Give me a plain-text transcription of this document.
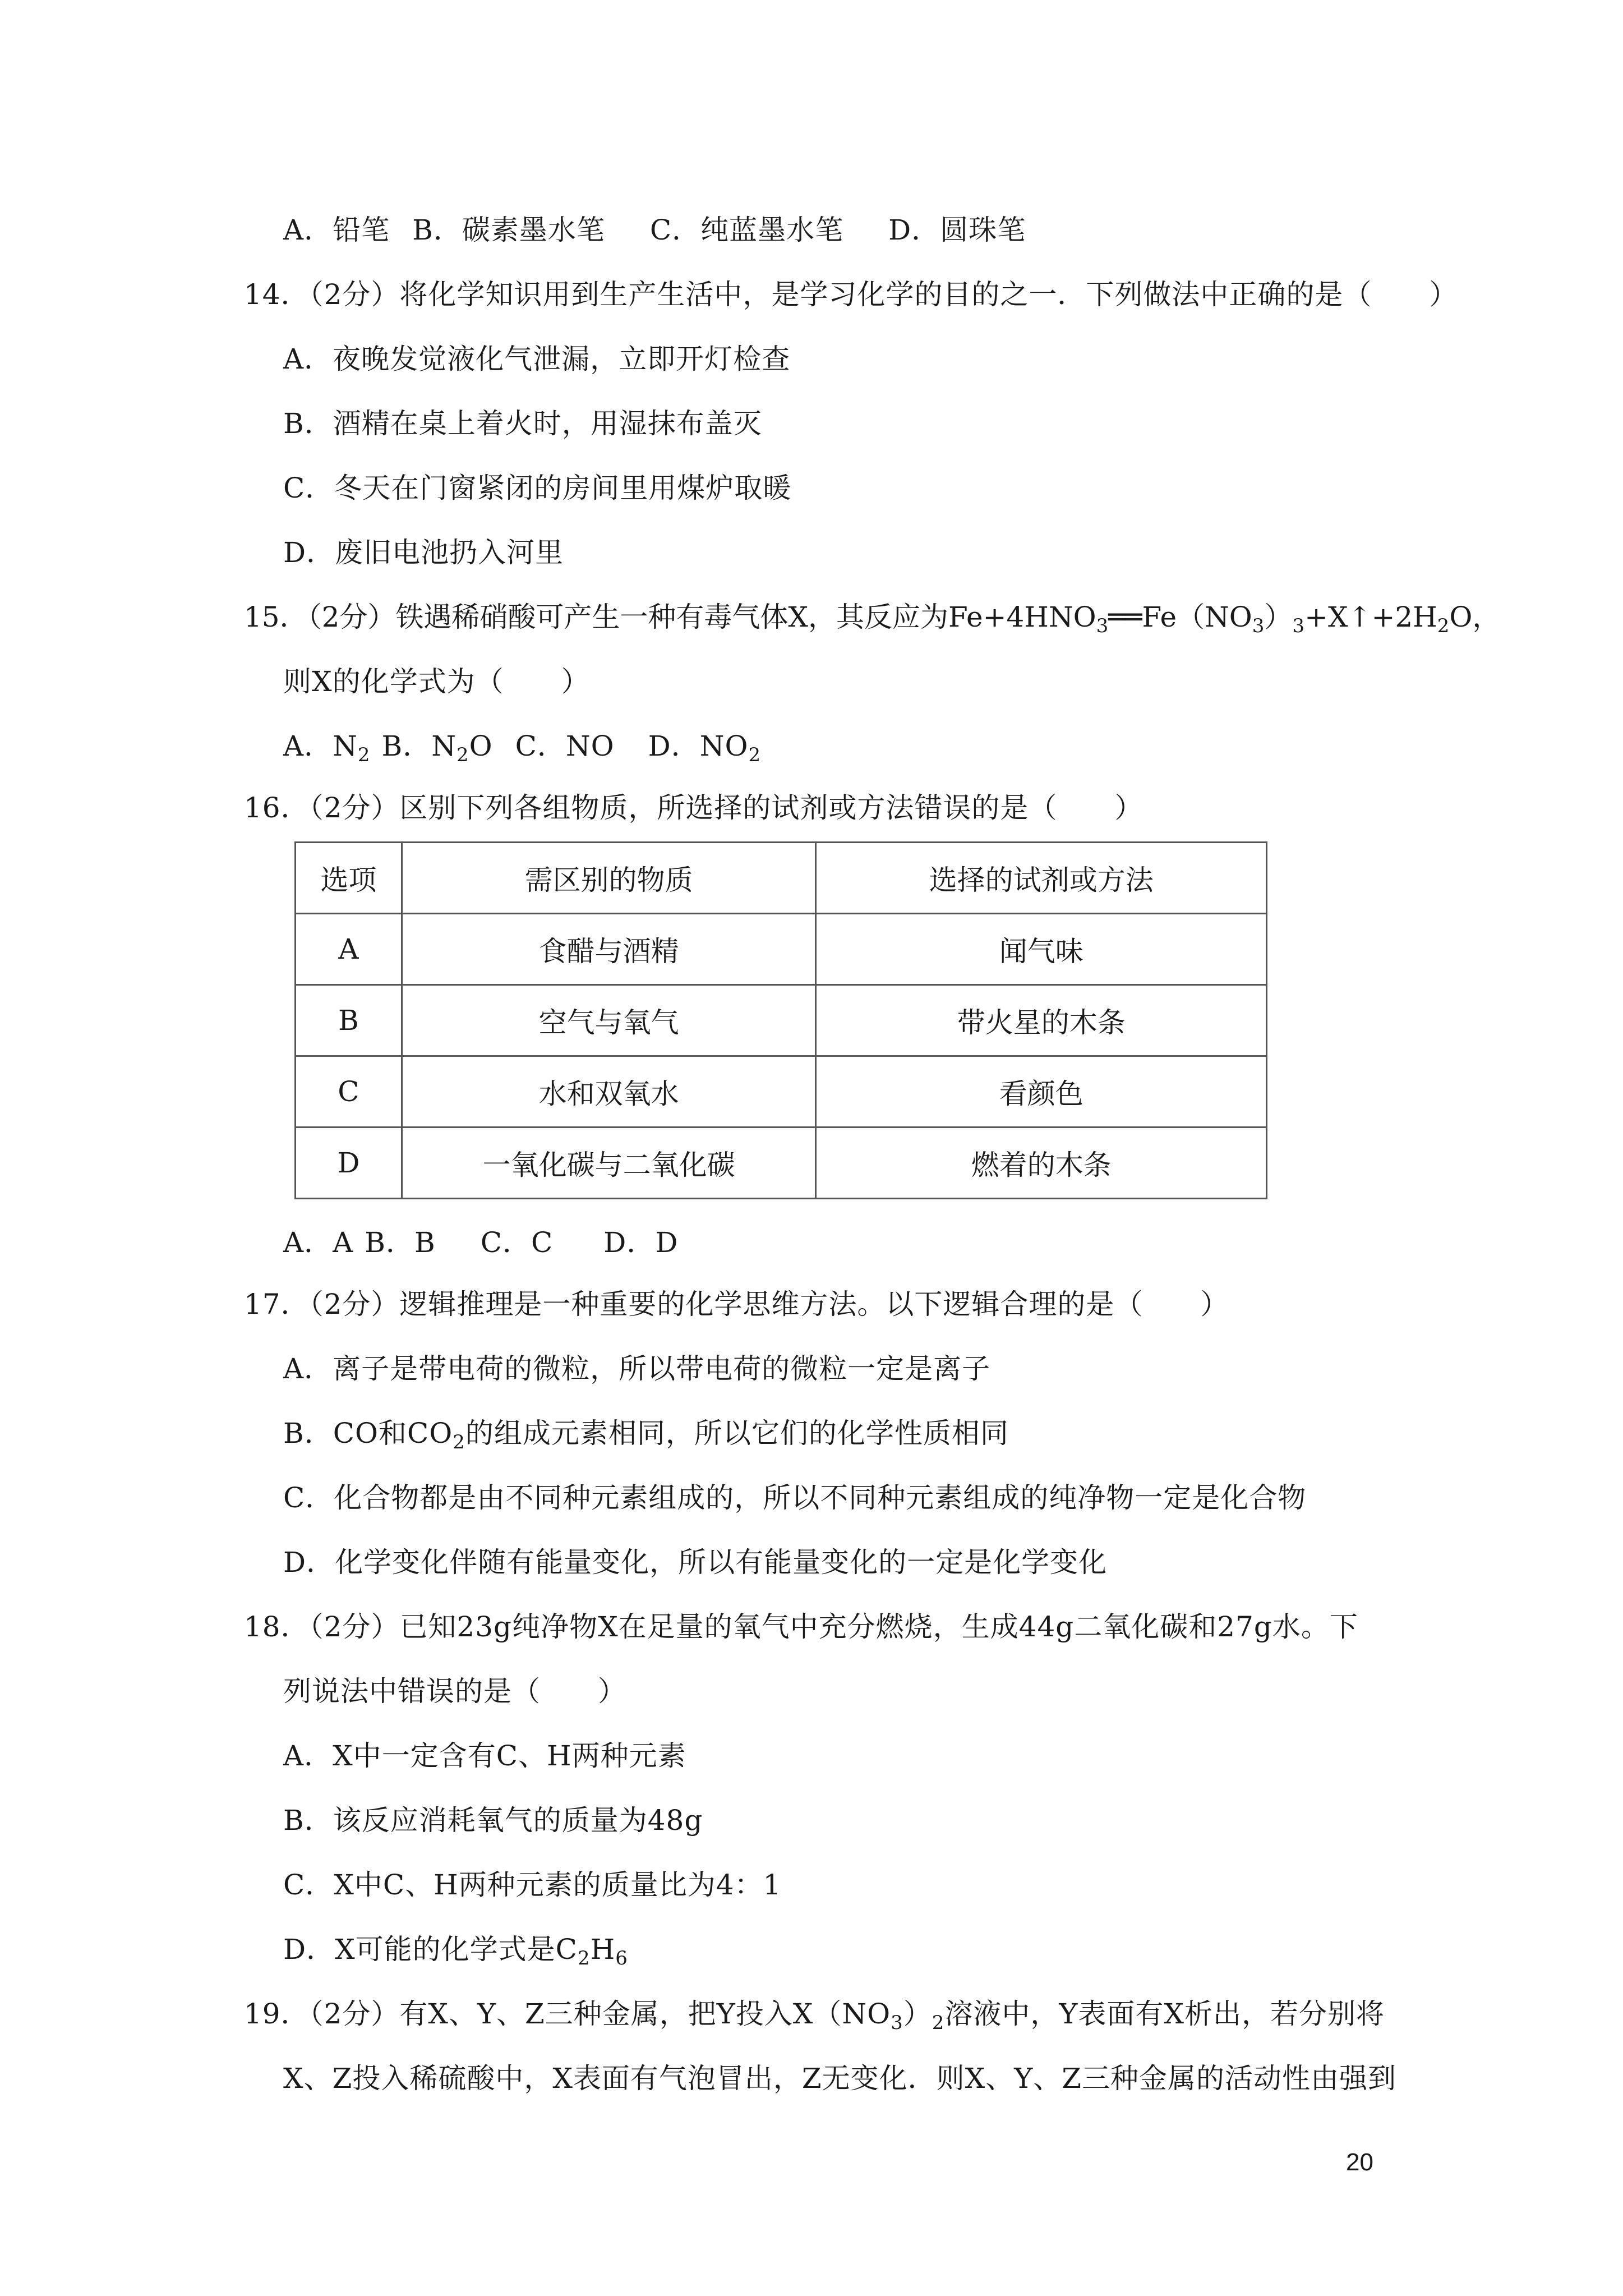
A．铅笔 B．碳素墨水笔 C．纯蓝墨水笔 D．圆珠笔
14．（2分）将化学知识用到生产生活中，是学习化学的目的之一．下列做法中正确的是（　　）
A．夜晚发觉液化气泄漏，立即开灯检查
B．酒精在桌上着火时，用湿抹布盖灭
C．冬天在门窗紧闭的房间里用煤炉取暖
D．废旧电池扔入河里
15．（2分）铁遇稀硝酸可产生一种有毒气体X，其反应为$Fe+4HNO_3══Fe(NO_3)_3+X↑+2H_2O$，
则X的化学式为（　　）
A．$N_2$ B．$N_2O$ C．NO D．$NO_2$
16．（2分）区别下列各组物质，所选择的试剂或方法错误的是（　　）
选项	需区别的物质	选择的试剂或方法
A	食醋与酒精	闻气味
B	空气与氧气	带火星的木条
C	水和双氧水	看颜色
D	一氧化碳与二氧化碳	燃着的木条
A．A B．B C．C D．D
17．（2分）逻辑推理是一种重要的化学思维方法。以下逻辑合理的是（　　）
A．离子是带电荷的微粒，所以带电荷的微粒一定是离子
B．CO和$CO_2$的组成元素相同，所以它们的化学性质相同
C．化合物都是由不同种元素组成的，所以不同种元素组成的纯净物一定是化合物
D．化学变化伴随有能量变化，所以有能量变化的一定是化学变化
18．（2分）已知23g纯净物X在足量的氧气中充分燃烧，生成44g二氧化碳和27g水。下
列说法中错误的是（　　）
A．X中一定含有C、H两种元素
B．该反应消耗氧气的质量为48g
C．X中C、H两种元素的质量比为4：1
D．X可能的化学式是$C_2H_6$
19．（2分）有X、Y、Z三种金属，把Y投入$X(NO_3)_2$溶液中，Y表面有X析出，若分别将
X、Z投入稀硫酸中，X表面有气泡冒出，Z无变化．则X、Y、Z三种金属的活动性由强到
20
